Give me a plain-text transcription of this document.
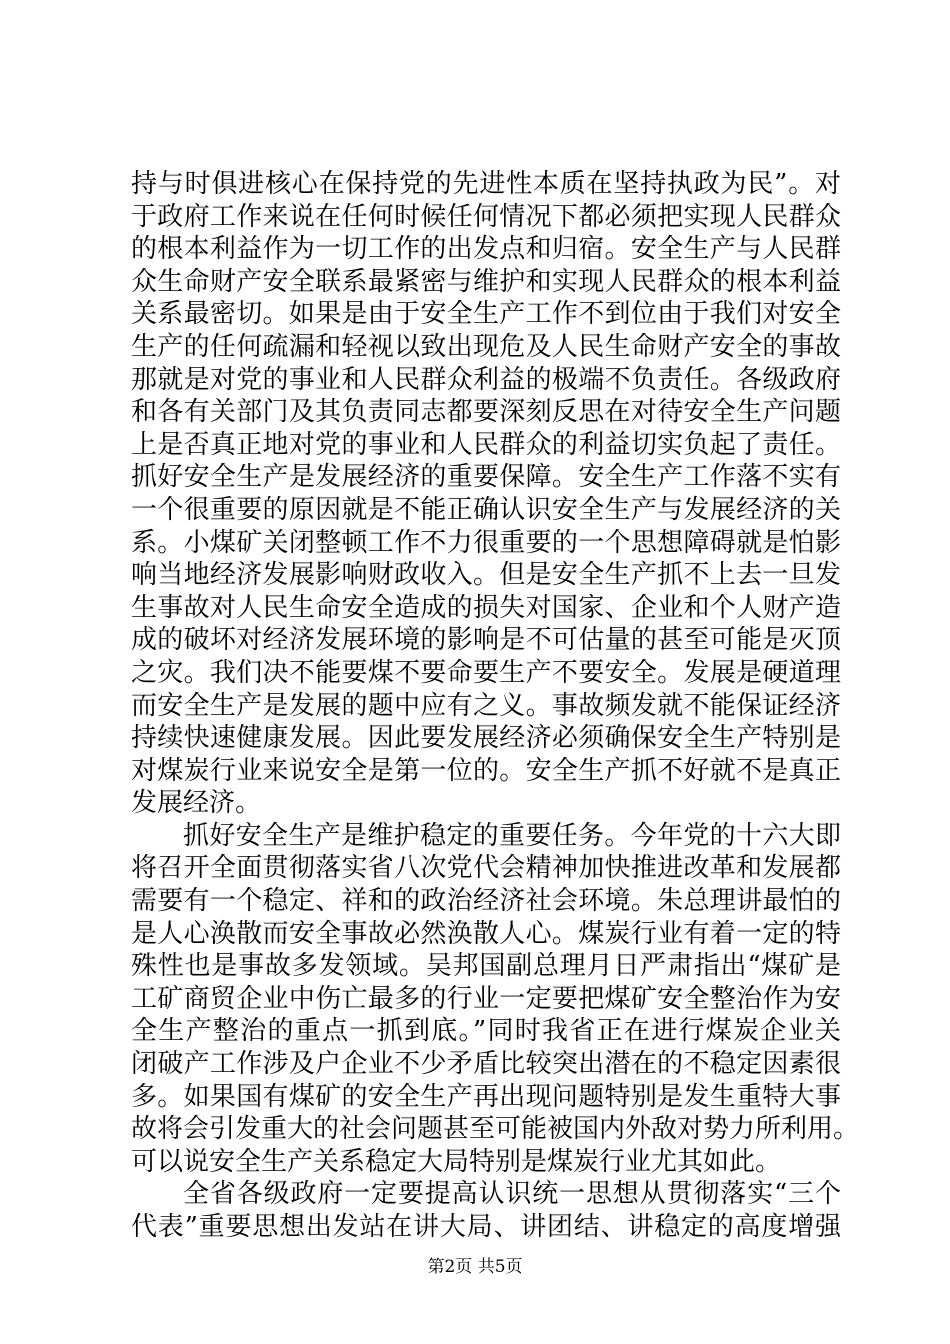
持与时俱进核心在保持党的先进性本质在坚持执政为民”。对
于政府工作来说在任何时候任何情况下都必须把实现人民群众
的根本利益作为一切工作的出发点和归宿。安全生产与人民群
众生命财产安全联系最紧密与维护和实现人民群众的根本利益
关系最密切。如果是由于安全生产工作不到位由于我们对安全
生产的任何疏漏和轻视以致出现危及人民生命财产安全的事故
那就是对党的事业和人民群众利益的极端不负责任。各级政府
和各有关部门及其负责同志都要深刻反思在对待安全生产问题
上是否真正地对党的事业和人民群众的利益切实负起了责任。
抓好安全生产是发展经济的重要保障。安全生产工作落不实有
一个很重要的原因就是不能正确认识安全生产与发展经济的关
系。小煤矿关闭整顿工作不力很重要的一个思想障碍就是怕影
响当地经济发展影响财政收入。但是安全生产抓不上去一旦发
生事故对人民生命安全造成的损失对国家、企业和个人财产造
成的破坏对经济发展环境的影响是不可估量的甚至可能是灭顶
之灾。我们决不能要煤不要命要生产不要安全。发展是硬道理
而安全生产是发展的题中应有之义。事故频发就不能保证经济
持续快速健康发展。因此要发展经济必须确保安全生产特别是
对煤炭行业来说安全是第一位的。安全生产抓不好就不是真正
发展经济。
抓好安全生产是维护稳定的重要任务。今年党的十六大即
将召开全面贯彻落实省八次党代会精神加快推进改革和发展都
需要有一个稳定、祥和的政治经济社会环境。朱总理讲最怕的
是人心涣散而安全事故必然涣散人心。煤炭行业有着一定的特
殊性也是事故多发领域。吴邦国副总理月日严肃指出“煤矿是
工矿商贸企业中伤亡最多的行业一定要把煤矿安全整治作为安
全生产整治的重点一抓到底。”同时我省正在进行煤炭企业关
闭破产工作涉及户企业不少矛盾比较突出潜在的不稳定因素很
多。如果国有煤矿的安全生产再出现问题特别是发生重特大事
故将会引发重大的社会问题甚至可能被国内外敌对势力所利用。
可以说安全生产关系稳定大局特别是煤炭行业尤其如此。
全省各级政府一定要提高认识统一思想从贯彻落实“三个
代表”重要思想出发站在讲大局、讲团结、讲稳定的高度增强
第2页 共5页
